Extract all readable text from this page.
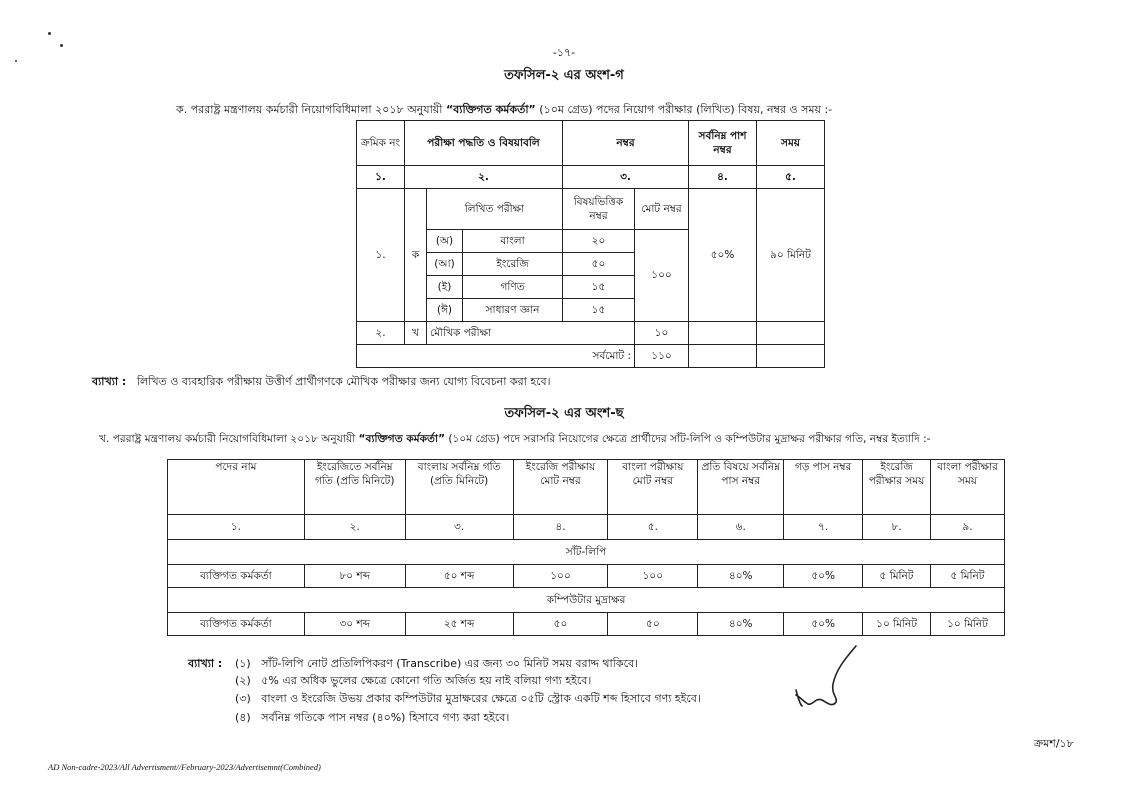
-১৭-
তফসিল-২ এর অংশ-গ
ক. পররাষ্ট্র মন্ত্রণালয় কর্মচারী নিয়োগবিধিমালা ২০১৮ অনুযায়ী “ব্যক্তিগত কর্মকর্তা” (১০ম গ্রেড) পদের নিয়োগ পরীক্ষার (লিখিত) বিষয়, নম্বর ও সময় :-
ক্রমিক নং	পরীক্ষা পদ্ধতি ও বিষয়াবলি			নম্বর		সর্বনিম্ন পাশ নম্বর	সময়
১.	২.			৩.		৪.	৫.
১.	ক	লিখিত পরীক্ষা		বিষয়ভিত্তিক নম্বর	মোট নম্বর	৫০%	৯০ মিনিট
		(অ)	বাংলা	২০	১০০		
		(আ)	ইংরেজি	৫০			
		(ই)	গণিত	১৫			
		(ঈ)	সাধারণ জ্ঞান	১৫			
২.	খ	মৌখিক পরীক্ষা			১০		
সর্বমোট :					১১০		
ব্যাখ্যা : লিখিত ও ব্যবহারিক পরীক্ষায় উত্তীর্ণ প্রার্থীগণকে মৌখিক পরীক্ষার জন্য যোগ্য বিবেচনা করা হবে।
তফসিল-২ এর অংশ-ছ
খ. পররাষ্ট্র মন্ত্রণালয় কর্মচারী নিয়োগবিধিমালা ২০১৮ অনুযায়ী “ব্যক্তিগত কর্মকর্তা” (১০ম গ্রেড) পদে সরাসরি নিয়োগের ক্ষেত্রে প্রার্থীদের সাঁট-লিপি ও কম্পিউটার মুদ্রাক্ষর পরীক্ষার গতি, নম্বর ইত্যাদি :-
পদের নাম	ইংরেজিতে সর্বনিম্ন গতি (প্রতি মিনিটে)	বাংলায় সর্বনিম্ন গতি (প্রতি মিনিটে)	ইংরেজি পরীক্ষায় মোট নম্বর	বাংলা পরীক্ষায় মোট নম্বর	প্রতি বিষয়ে সর্বনিম্ন পাস নম্বর	গড় পাস নম্বর	ইংরেজি পরীক্ষার সময়	বাংলা পরীক্ষার সময়
১.	২.	৩.	৪.	৫.	৬.	৭.	৮.	৯.
সাঁট-লিপি								
ব্যক্তিগত কর্মকর্তা	৮০ শব্দ	৫০ শব্দ	১০০	১০০	৪০%	৫০%	৫ মিনিট	৫ মিনিট
কম্পিউটার মুদ্রাক্ষর								
ব্যক্তিগত কর্মকর্তা	৩০ শব্দ	২৫ শব্দ	৫০	৫০	৪০%	৫০%	১০ মিনিট	১০ মিনিট
ব্যাখ্যা : (১) সাঁট-লিপি নোট প্রতিলিপিকরণ (Transcribe) এর জন্য ৩০ মিনিট সময় বরাদ্দ থাকিবে।
(২) ৫% এর অধিক ভুলের ক্ষেত্রে কোনো গতি অর্জিত হয় নাই বলিয়া গণ্য হইবে।
(৩) বাংলা ও ইংরেজি উভয় প্রকার কম্পিউটার মুদ্রাক্ষরের ক্ষেত্রে ০৫টি স্ট্রোক একটি শব্দ হিসাবে গণ্য হইবে।
(৪) সর্বনিম্ন গতিকে পাস নম্বর (৪০%) হিসাবে গণ্য করা হইবে।
ক্রমশ/১৮
AD Non-cadre-2023/All Advertisment//February-2023/Advertisemnt(Combined)
